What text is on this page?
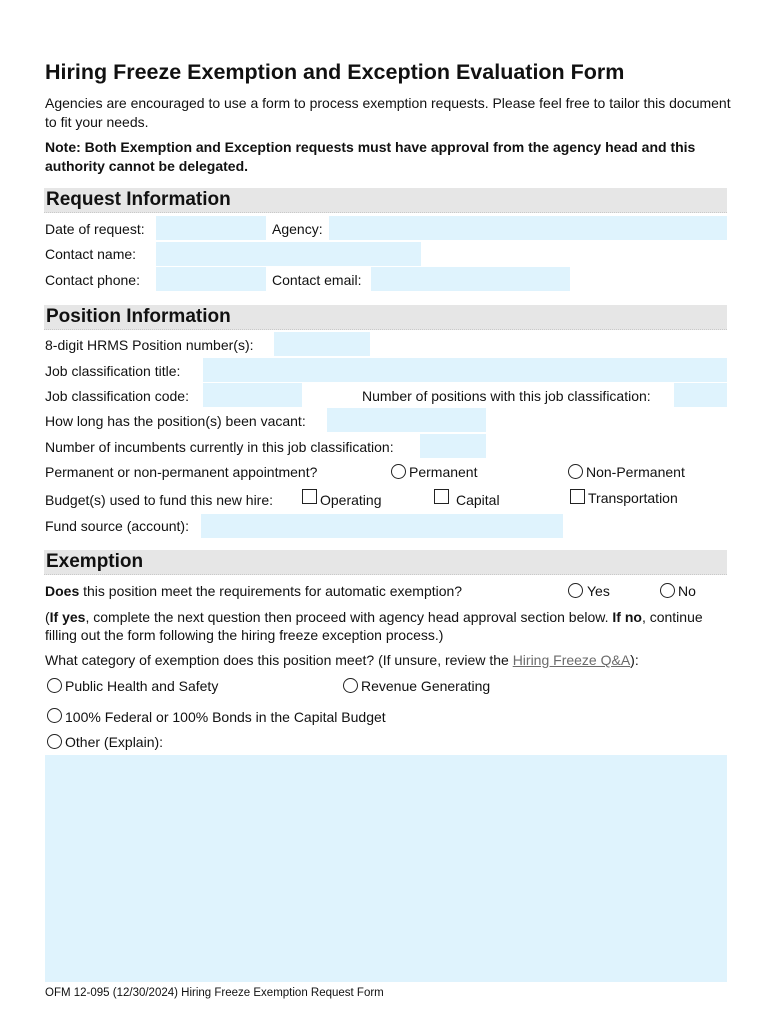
Hiring Freeze Exemption and Exception Evaluation Form

Agencies are encouraged to use a form to process exemption requests. Please feel free to tailor this document to fit your needs.

Note: Both Exemption and Exception requests must have approval from the agency head and this authority cannot be delegated.

Request Information
Date of request:	Agency:
Contact name:
Contact phone:	Contact email:
Position Information
8-digit HRMS Position number(s):
Job classification title:
Job classification code:	Number of positions with this job classification:
How long has the position(s) been vacant:
Number of incumbents currently in this job classification:
Permanent or non-permanent appointment?	Permanent	Non-Permanent
Budget(s) used to fund this new hire:	Operating	Capital	Transportation
Fund source (account):
Exemption
Does this position meet the requirements for automatic exemption?	Yes	No

(If yes, complete the next question then proceed with agency head approval section below. If no, continue filling out the form following the hiring freeze exception process.)

What category of exemption does this position meet? (If unsure, review the Hiring Freeze Q&A):
Public Health and Safety	Revenue Generating
100% Federal or 100% Bonds in the Capital Budget
Other (Explain):
OFM 12-095 (12/30/2024) Hiring Freeze Exemption Request Form
